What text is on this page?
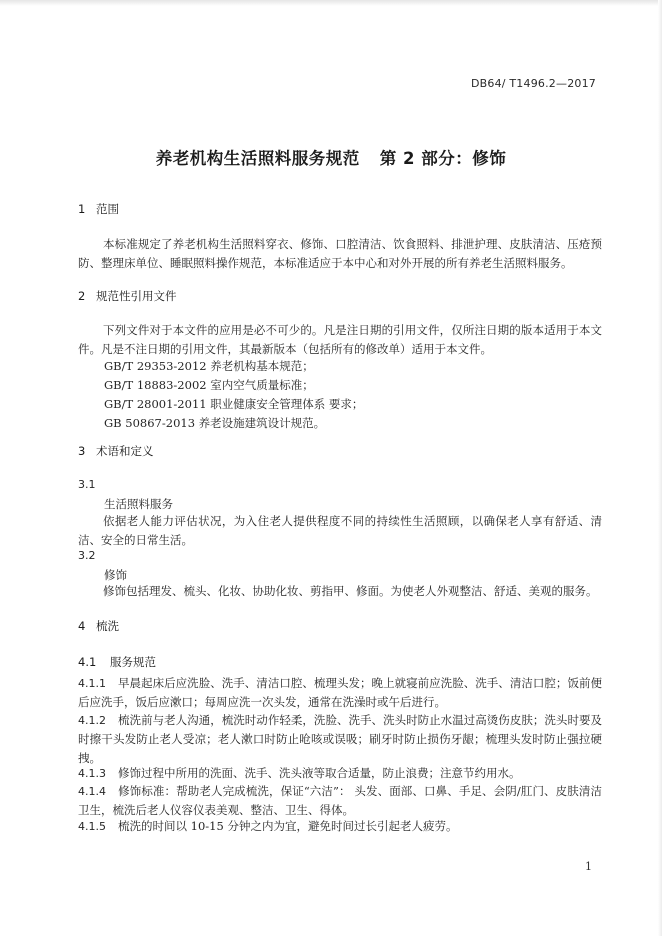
DB64/ T1496.2—2017
养老机构生活照料服务规范 第 2 部分：修饰
1 范围
本标准规定了养老机构生活照料穿衣、修饰、口腔清洁、饮食照料、排泄护理、皮肤清洁、压疮预防、整理床单位、睡眠照料操作规范，本标准适应于本中心和对外开展的所有养老生活照料服务。
2 规范性引用文件
下列文件对于本文件的应用是必不可少的。凡是注日期的引用文件，仅所注日期的版本适用于本文件。凡是不注日期的引用文件，其最新版本（包括所有的修改单）适用于本文件。
GB/T 29353-2012 养老机构基本规范；
GB/T 18883-2002 室内空气质量标准；
GB/T 28001-2011 职业健康安全管理体系 要求；
GB 50867-2013 养老设施建筑设计规范。
3 术语和定义
3.1
生活照料服务
依据老人能力评估状况，为入住老人提供程度不同的持续性生活照顾，以确保老人享有舒适、清洁、安全的日常生活。
3.2
修饰
修饰包括理发、梳头、化妆、协助化妆、剪指甲、修面。为使老人外观整洁、舒适、美观的服务。
4 梳洗
4.1 服务规范
4.1.1 早晨起床后应洗脸、洗手、清洁口腔、梳理头发；晚上就寝前应洗脸、洗手、清洁口腔；饭前便后应洗手，饭后应漱口；每周应洗一次头发，通常在洗澡时或午后进行。
4.1.2 梳洗前与老人沟通，梳洗时动作轻柔，洗脸、洗手、洗头时防止水温过高烫伤皮肤；洗头时要及时擦干头发防止老人受凉；老人漱口时防止呛咳或误吸；刷牙时防止损伤牙龈；梳理头发时防止强拉硬拽。
4.1.3 修饰过程中所用的洗面、洗手、洗头液等取合适量，防止浪费；注意节约用水。
4.1.4 修饰标准：帮助老人完成梳洗，保证“六洁”： 头发、面部、口鼻、手足、会阴/肛门、皮肤清洁卫生，梳洗后老人仪容仪表美观、整洁、卫生、得体。
4.1.5 梳洗的时间以 10-15 分钟之内为宜，避免时间过长引起老人疲劳。
1
